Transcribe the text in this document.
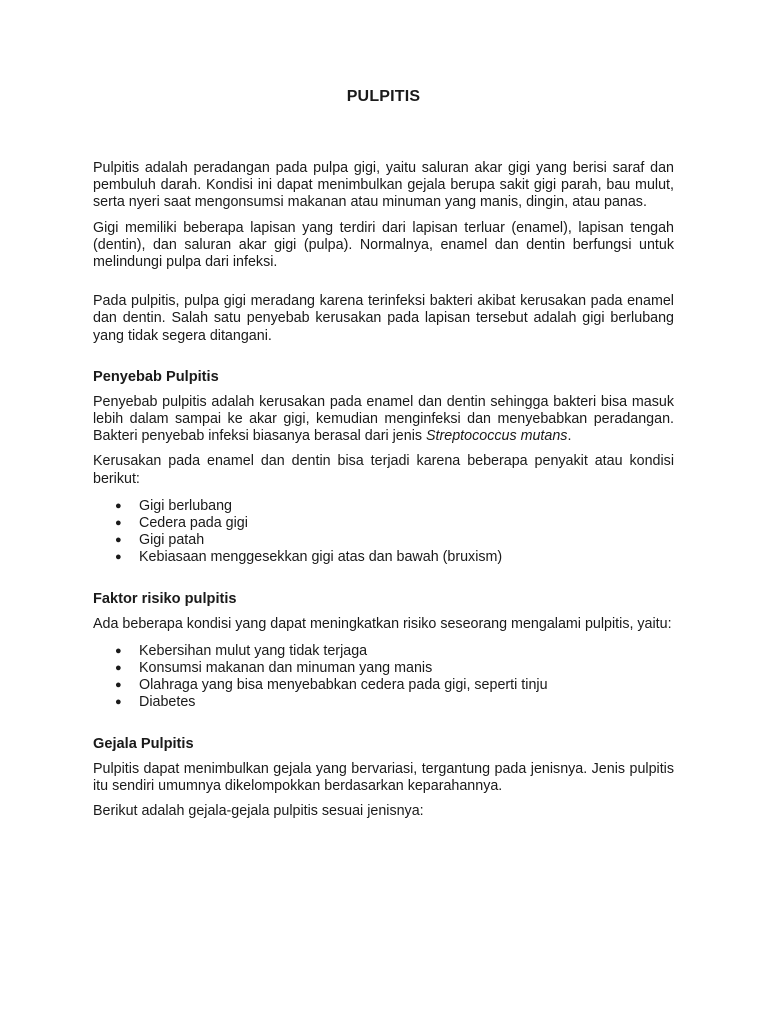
PULPITIS

Pulpitis adalah peradangan pada pulpa gigi, yaitu saluran akar gigi yang berisi saraf dan pembuluh darah. Kondisi ini dapat menimbulkan gejala berupa sakit gigi parah, bau mulut, serta nyeri saat mengonsumsi makanan atau minuman yang manis, dingin, atau panas.

Gigi memiliki beberapa lapisan yang terdiri dari lapisan terluar (enamel), lapisan tengah (dentin), dan saluran akar gigi (pulpa). Normalnya, enamel dan dentin berfungsi untuk melindungi pulpa dari infeksi.

Pada pulpitis, pulpa gigi meradang karena terinfeksi bakteri akibat kerusakan pada enamel dan dentin. Salah satu penyebab kerusakan pada lapisan tersebut adalah gigi berlubang yang tidak segera ditangani.

Penyebab Pulpitis

Penyebab pulpitis adalah kerusakan pada enamel dan dentin sehingga bakteri bisa masuk lebih dalam sampai ke akar gigi, kemudian menginfeksi dan menyebabkan peradangan. Bakteri penyebab infeksi biasanya berasal dari jenis Streptococcus mutans.

Kerusakan pada enamel dan dentin bisa terjadi karena beberapa penyakit atau kondisi berikut:

● Gigi berlubang
● Cedera pada gigi
● Gigi patah
● Kebiasaan menggesekkan gigi atas dan bawah (bruxism)
Faktor risiko pulpitis

Ada beberapa kondisi yang dapat meningkatkan risiko seseorang mengalami pulpitis, yaitu:

● Kebersihan mulut yang tidak terjaga
● Konsumsi makanan dan minuman yang manis
● Olahraga yang bisa menyebabkan cedera pada gigi, seperti tinju
● Diabetes
Gejala Pulpitis

Pulpitis dapat menimbulkan gejala yang bervariasi, tergantung pada jenisnya. Jenis pulpitis itu sendiri umumnya dikelompokkan berdasarkan keparahannya.

Berikut adalah gejala-gejala pulpitis sesuai jenisnya:
